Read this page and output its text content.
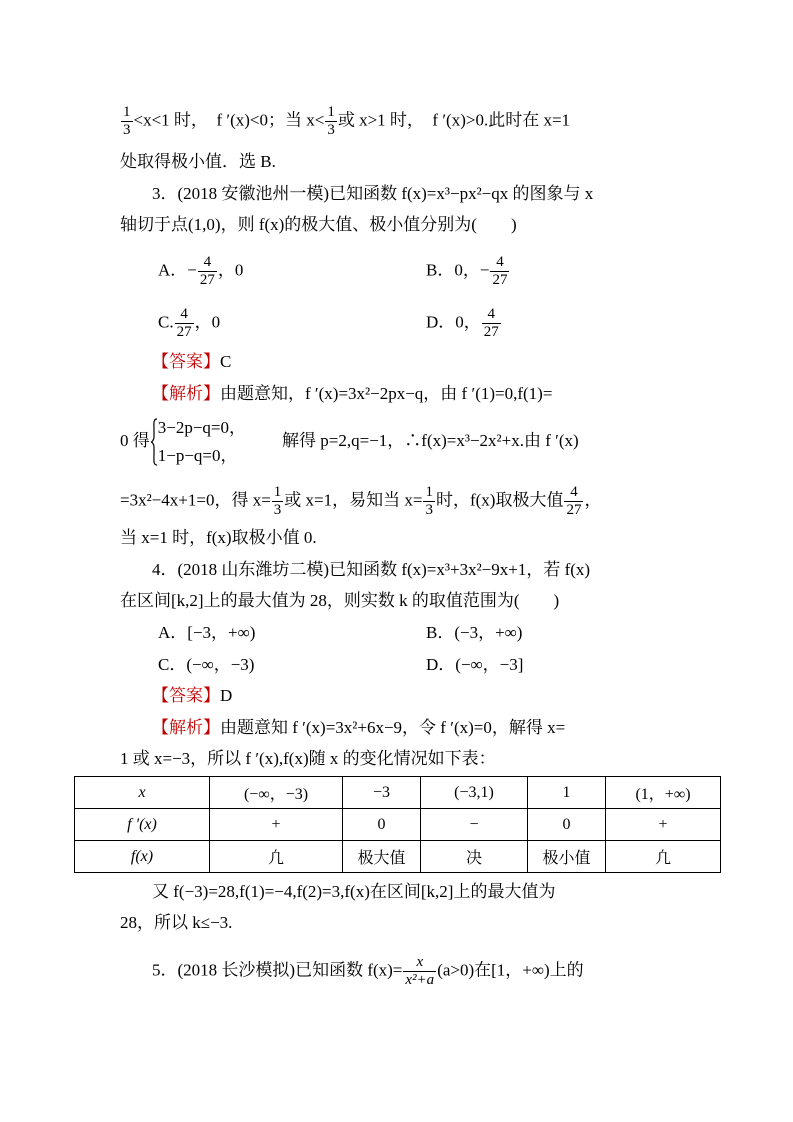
$\frac{1}{3} <x<1$ 时，　 f ′(x)<0；当 $x< \frac{1}{3}$ 或 x>1 时，　 f ′(x)>0.此时在 x=1
处取得极小值．选 B.
3．(2018 安徽池州一模)已知函数 f(x)=x³−px²−qx 的图象与 x
轴切于点(1,0)，则 f(x)的极大值、极小值分别为(　　)
A．− $\frac{4}{27}$ ，0	B．0，− $\frac{4}{27}$
C. $\frac{4}{27}$ ，0	D．0， $\frac{4}{27}$
【答案】C
【解析】由题意知，f ′(x)=3x²−2px−q，由 f ′(1)=0,f(1)=
0 得
3−2p−q=0，
1−p−q=0，
解得 p=2,q=−1，∴f(x)=x³−2x²+x.由 f ′(x)
=3x²−4x+1=0，得 $x= \frac{1}{3}$ 或 x=1，易知当 $x= \frac{1}{3}$ 时，f(x)取极大值 $\frac{4}{27}$ ，
当 x=1 时，f(x)取极小值 0.
4．(2018 山东潍坊二模)已知函数 f(x)=x³+3x²−9x+1，若 f(x)
在区间[k,2]上的最大值为 28，则实数 k 的取值范围为(　　)
A．[−3，+∞)	B．(−3，+∞)
C．(−∞，−3)	D．(−∞，−3]
【答案】D
【解析】由题意知 f ′(x)=3x²+6x−9，令 f ′(x)=0，解得 x=
1 或 x=−3，所以 f ′(x),f(x)随 x 的变化情况如下表：
x	(−∞，−3)	−3	(−3,1)	1	(1，+∞)
f ′(x)	+	0	−	0	+
f(x)	凢	极大值	决	极小值	凢
又 f(−3)=28,f(1)=−4,f(2)=3,f(x)在区间[k,2]上的最大值为
28，所以 k≤−3.
5．(2018 长沙模拟)已知函数 $f(x)= \frac{x}{\text{x²+a}} (a>0)$在[1，+∞)上的
